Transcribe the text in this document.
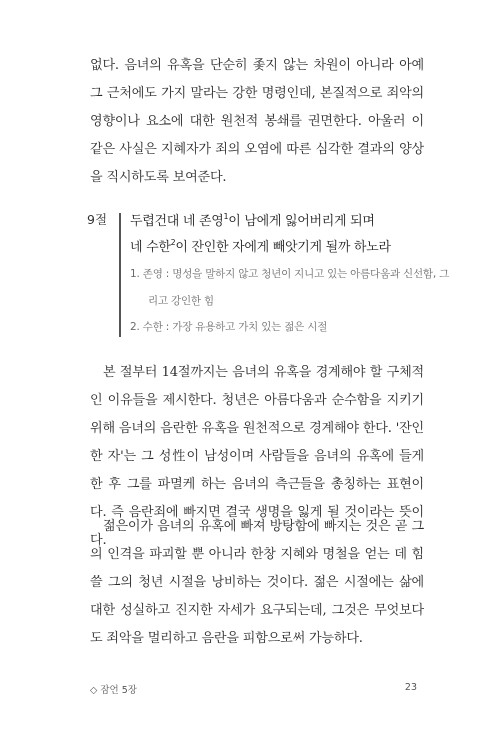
없다. 음녀의 유혹을 단순히 좇지 않는 차원이 아니라 아예 그 근처에도 가지 말라는 강한 명령인데, 본질적으로 죄악의 영향이나 요소에 대한 원천적 봉쇄를 권면한다. 아울러 이 같은 사실은 지혜자가 죄의 오염에 따른 심각한 결과의 양상을 직시하도록 보여준다.

9절 두렵건대 네 존영$^1$이 남에게 잃어버리게 되며
네 수한$^2$이 잔인한 자에게 빼앗기게 될까 하노라
1. 존영 : 명성을 말하지 않고 청년이 지니고 있는 아름다움과 신선함, 그
리고 강인한 힘
2. 수한 : 가장 유용하고 가치 있는 젊은 시절

본 절부터 14절까지는 음녀의 유혹을 경계해야 할 구체적인 이유들을 제시한다. 청년은 아름다움과 순수함을 지키기 위해 음녀의 음란한 유혹을 원천적으로 경계해야 한다. '잔인한 자'는 그 성性이 남성이며 사람들을 음녀의 유혹에 들게 한 후 그를 파멸케 하는 음녀의 측근들을 총칭하는 표현이다. 즉 음란죄에 빠지면 결국 생명을 잃게 될 것이라는 뜻이다.

젊은이가 음녀의 유혹에 빠져 방탕함에 빠지는 것은 곧 그의 인격을 파괴할 뿐 아니라 한창 지혜와 명철을 얻는 데 힘쓸 그의 청년 시절을 낭비하는 것이다. 젊은 시절에는 삶에 대한 성실하고 진지한 자세가 요구되는데, 그것은 무엇보다도 죄악을 멀리하고 음란을 피함으로써 가능하다.

◇ 잠언 5장	23
